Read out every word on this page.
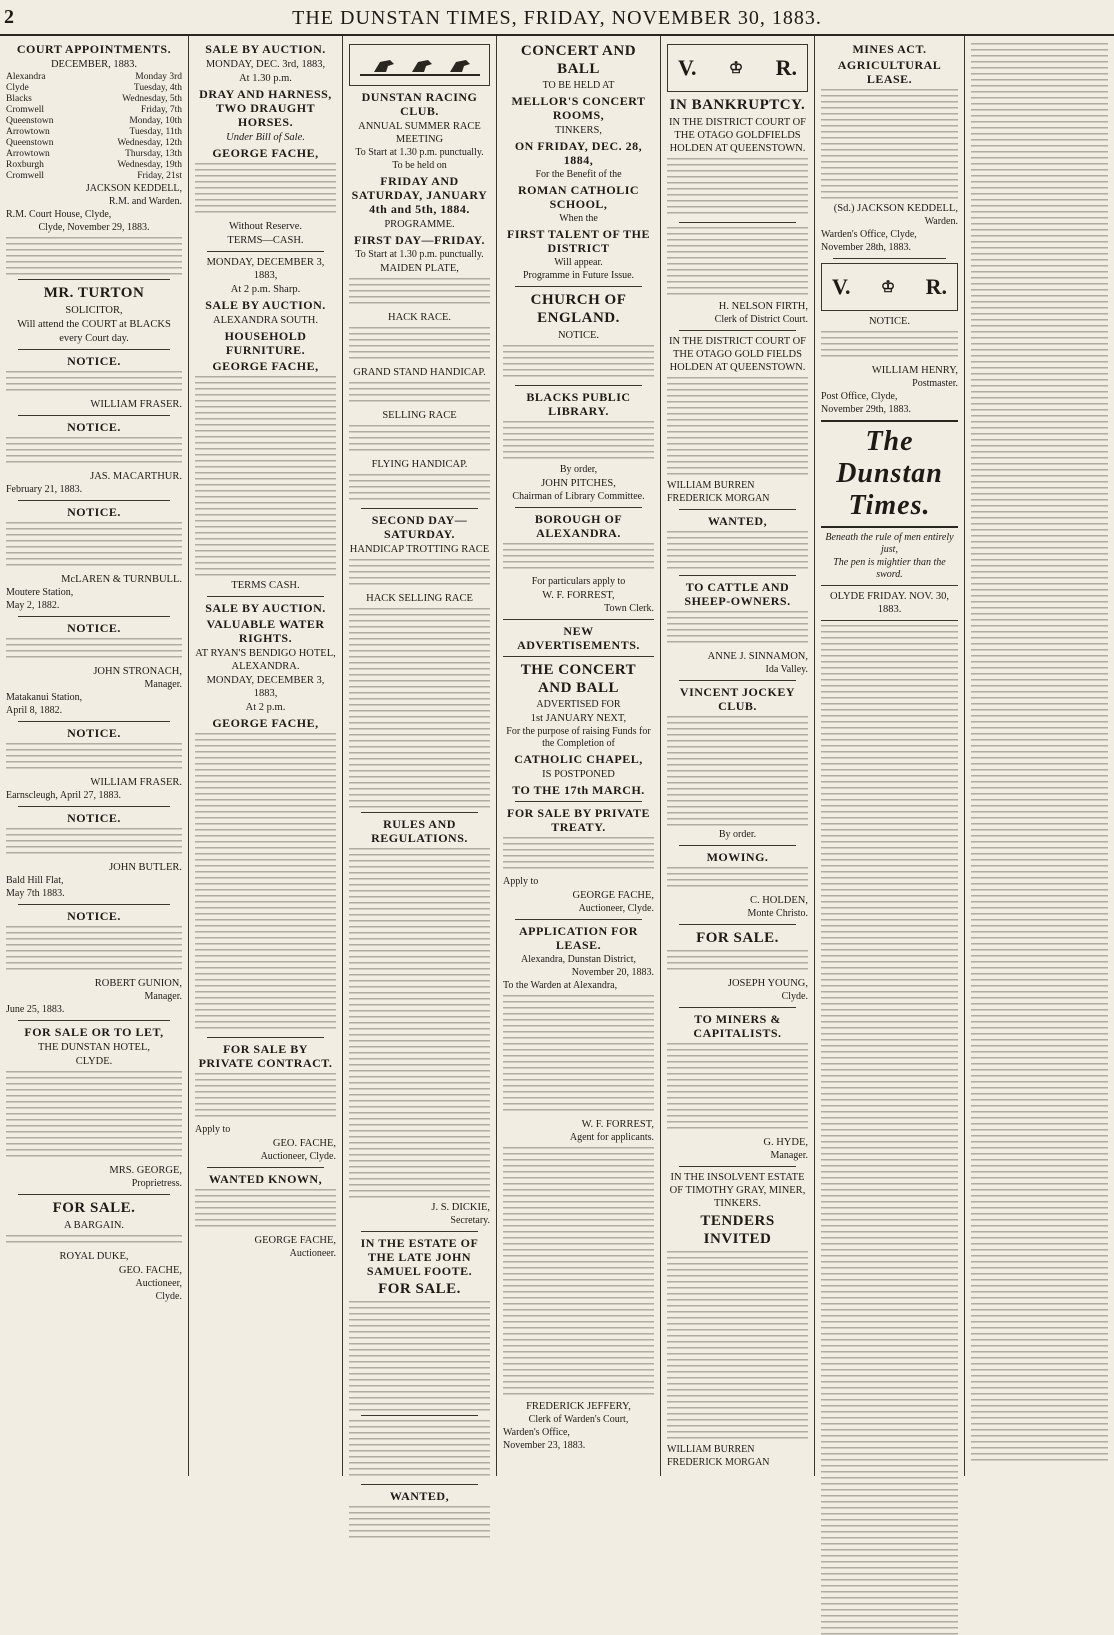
2	THE DUNSTAN TIMES, FRIDAY, NOVEMBER 30, 1883.
COURT APPOINTMENTS.
DECEMBER, 1883.
Alexandra	Monday 3rd
Clyde	Tuesday, 4th
Blacks	Wednesday, 5th
Cromwell	Friday, 7th
Queenstown	Monday, 10th
Arrowtown	Tuesday, 11th
Queenstown	Wednesday, 12th
Arrowtown	Thursday, 13th
Roxburgh	Wednesday, 19th
Cromwell	Friday, 21st
JACKSON KEDDELL,
R.M. and Warden.
R.M. Court House, Clyde,
Clyde, November 29, 1883.
MR. TURTON
SOLICITOR,
Will attend the COURT at BLACKS
every Court day.
NOTICE.
WILLIAM FRASER.
NOTICE.
JAS. MACARTHUR.
February 21, 1883.
NOTICE.
McLAREN & TURNBULL.
Moutere Station,
May 2, 1882.
NOTICE.
JOHN STRONACH,
Manager.
Matakanui Station,
April 8, 1882.
NOTICE.
WILLIAM FRASER.
Earnscleugh, April 27, 1883.
NOTICE.
JOHN BUTLER.
Bald Hill Flat,
May 7th 1883.
NOTICE.
ROBERT GUNION,
Manager.
June 25, 1883.
FOR SALE OR TO LET,
THE DUNSTAN HOTEL,
CLYDE.
MRS. GEORGE,
Proprietress.
FOR SALE.
A BARGAIN.
ROYAL DUKE,
GEO. FACHE,
Auctioneer,
Clyde.
SALE BY AUCTION.
MONDAY, DEC. 3rd, 1883,
At 1.30 p.m.
DRAY AND HARNESS, TWO DRAUGHT HORSES.
Under Bill of Sale.
GEORGE FACHE,
Without Reserve.
TERMS—CASH.
MONDAY, DECEMBER 3, 1883,
At 2 p.m. Sharp.
SALE BY AUCTION.
ALEXANDRA SOUTH.
HOUSEHOLD FURNITURE.
GEORGE FACHE,
TERMS CASH.
SALE BY AUCTION.
VALUABLE WATER RIGHTS.
AT RYAN'S BENDIGO HOTEL, ALEXANDRA.
MONDAY, DECEMBER 3, 1883,
At 2 p.m.
GEORGE FACHE,
FOR SALE BY PRIVATE CONTRACT.
Apply to
GEO. FACHE,
Auctioneer, Clyde.
WANTED KNOWN,
GEORGE FACHE,
Auctioneer.
DUNSTAN RACING CLUB.
ANNUAL SUMMER RACE MEETING
To Start at 1.30 p.m. punctually.
To be held on
FRIDAY AND SATURDAY, JANUARY 4th and 5th, 1884.
PROGRAMME.
FIRST DAY—FRIDAY.
To Start at 1.30 p.m. punctually.
MAIDEN PLATE,
HACK RACE.
GRAND STAND HANDICAP.
SELLING RACE
FLYING HANDICAP.
SECOND DAY—SATURDAY.
HANDICAP TROTTING RACE
HACK SELLING RACE
RULES AND REGULATIONS.
J. S. DICKIE,
Secretary.
IN THE ESTATE OF THE LATE JOHN SAMUEL FOOTE.
FOR SALE.
WANTED,
CONCERT AND BALL
TO BE HELD AT
MELLOR'S CONCERT ROOMS,
TINKERS,
ON FRIDAY, DEC. 28, 1884,
For the Benefit of the
ROMAN CATHOLIC SCHOOL,
When the
FIRST TALENT OF THE DISTRICT
Will appear.
Programme in Future Issue.
CHURCH OF ENGLAND.
NOTICE.
BLACKS PUBLIC LIBRARY.
By order,
JOHN PITCHES,
Chairman of Library Committee.
BOROUGH OF ALEXANDRA.
For particulars apply to
W. F. FORREST,
Town Clerk.
NEW ADVERTISEMENTS.
THE CONCERT AND BALL
ADVERTISED FOR
1st JANUARY NEXT,
For the purpose of raising Funds for the Completion of
CATHOLIC CHAPEL,
IS POSTPONED
TO THE 17th MARCH.
FOR SALE BY PRIVATE TREATY.
Apply to
GEORGE FACHE,
Auctioneer, Clyde.
APPLICATION FOR LEASE.
Alexandra, Dunstan District,
November 20, 1883.
To the Warden at Alexandra,
W. F. FORREST,
Agent for applicants.
FREDERICK JEFFERY,
Clerk of Warden's Court,
Warden's Office,
November 23, 1883.
V. ♔ R.
IN BANKRUPTCY.
IN THE DISTRICT COURT OF THE OTAGO GOLDFIELDS HOLDEN AT QUEENSTOWN.
H. NELSON FIRTH,
Clerk of District Court.
IN THE DISTRICT COURT OF THE OTAGO GOLD FIELDS HOLDEN AT QUEENSTOWN.
WILLIAM BURREN
FREDERICK MORGAN
WANTED,
TO CATTLE AND SHEEP-OWNERS.
ANNE J. SINNAMON,
Ida Valley.
VINCENT JOCKEY CLUB.
By order.
MOWING.
C. HOLDEN,
Monte Christo.
FOR SALE.
JOSEPH YOUNG,
Clyde.
TO MINERS & CAPITALISTS.
G. HYDE,
Manager.
IN THE INSOLVENT ESTATE OF TIMOTHY GRAY, MINER, TINKERS.
TENDERS INVITED
WILLIAM BURREN
FREDERICK MORGAN
MINES ACT.
AGRICULTURAL LEASE.
(Sd.) JACKSON KEDDELL,
Warden.
Warden's Office, Clyde,
November 28th, 1883.
V. ♔ R.
NOTICE.
WILLIAM HENRY,
Postmaster.
Post Office, Clyde,
November 29th, 1883.
The Dunstan Times.
Beneath the rule of men entirely just,
The pen is mightier than the sword.
OLYDE FRIDAY. NOV. 30, 1883.
